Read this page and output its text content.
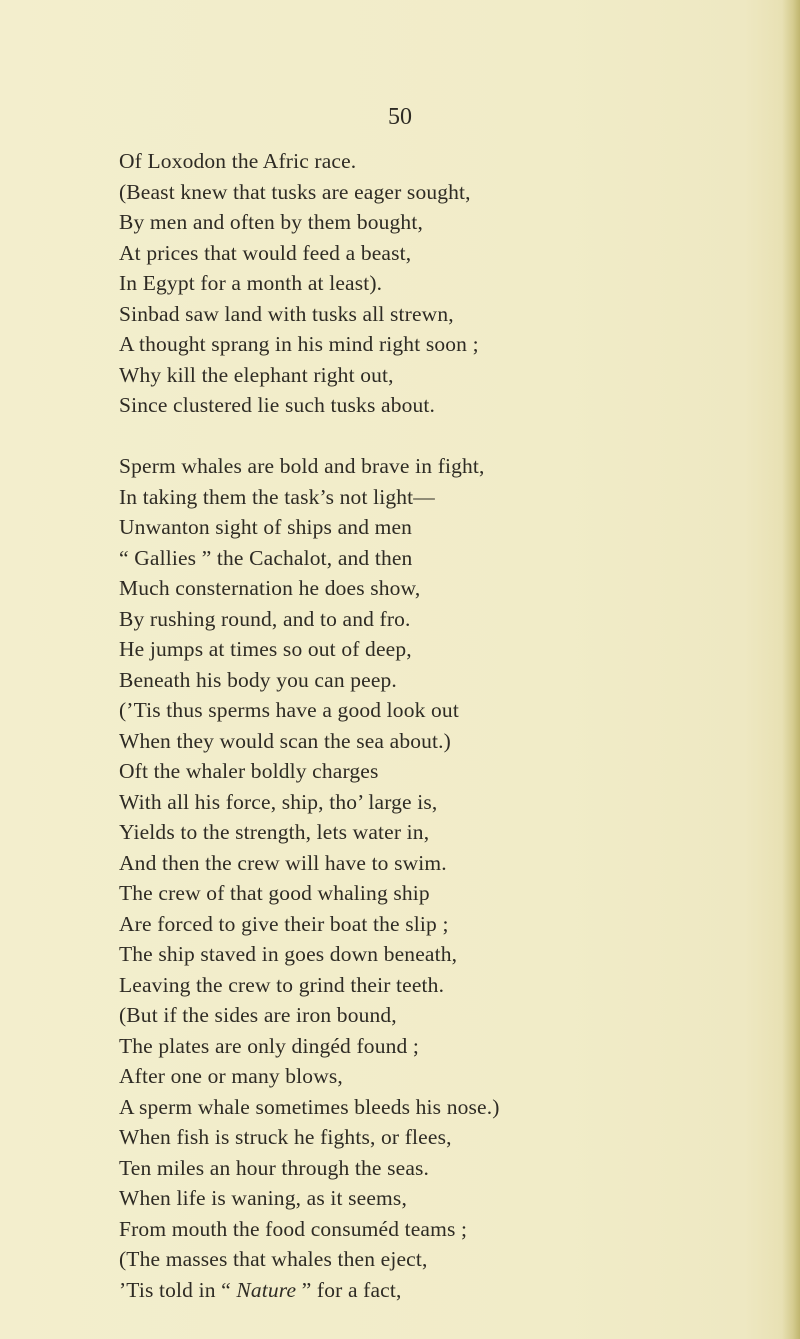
50
Of Loxodon the Afric race.
(Beast knew that tusks are eager sought,
By men and often by them bought,
At prices that would feed a beast,
In Egypt for a month at least).
Sinbad saw land with tusks all strewn,
A thought sprang in his mind right soon ;
Why kill the elephant right out,
Since clustered lie such tusks about.
Sperm whales are bold and brave in fight,
In taking them the task’s not light—
Unwanton sight of ships and men
“ Gallies ” the Cachalot, and then
Much consternation he does show,
By rushing round, and to and fro.
He jumps at times so out of deep,
Beneath his body you can peep.
(’Tis thus sperms have a good look out
When they would scan the sea about.)
Oft the whaler boldly charges
With all his force, ship, tho’ large is,
Yields to the strength, lets water in,
And then the crew will have to swim.
The crew of that good whaling ship
Are forced to give their boat the slip ;
The ship staved in goes down beneath,
Leaving the crew to grind their teeth.
(But if the sides are iron bound,
The plates are only dingéd found ;
After one or many blows,
A sperm whale sometimes bleeds his nose.)
When fish is struck he fights, or flees,
Ten miles an hour through the seas.
When life is waning, as it seems,
From mouth the food consuméd teams ;
(The masses that whales then eject,
’Tis told in “ Nature ” for a fact,
